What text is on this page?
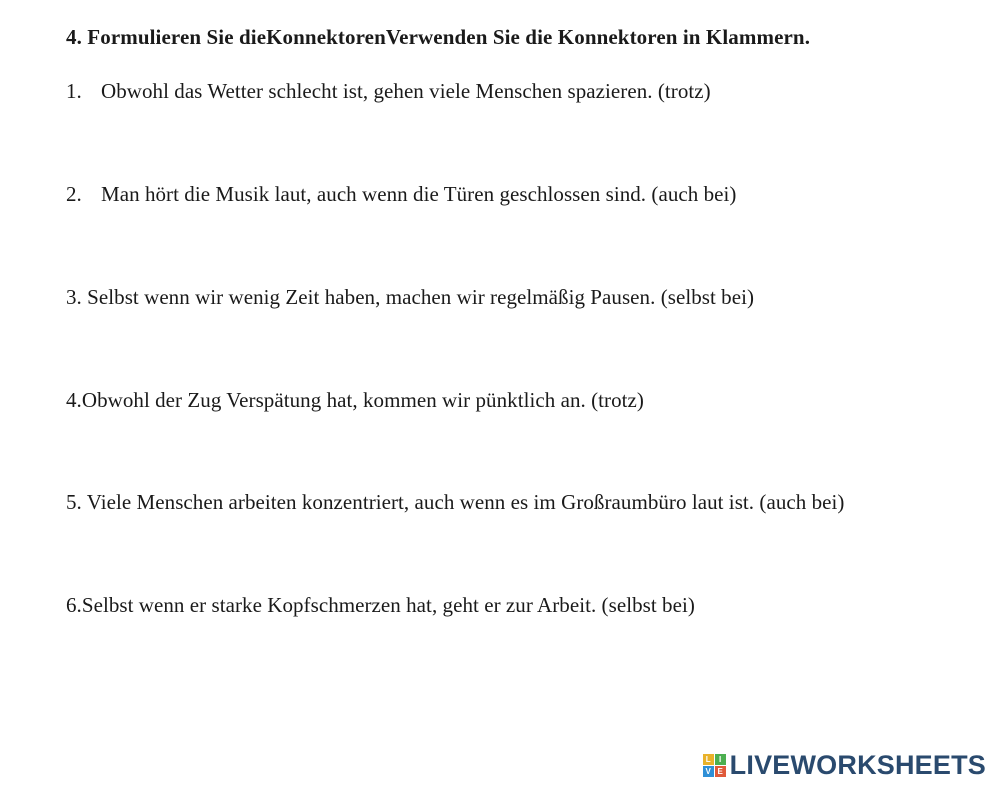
4. Formulieren Sie dieKonnektorenVerwenden Sie die Konnektoren in Klammern.
1. Obwohl das Wetter schlecht ist, gehen viele Menschen spazieren. (trotz)
2. Man hört die Musik laut, auch wenn die Türen geschlossen sind. (auch bei)
3. Selbst wenn wir wenig Zeit haben, machen wir regelmäßig Pausen. (selbst bei)
4.Obwohl der Zug Verspätung hat, kommen wir pünktlich an. (trotz)
5. Viele Menschen arbeiten konzentriert, auch wenn es im Großraumbüro laut ist. (auch bei)
6.Selbst wenn er starke Kopfschmerzen hat, geht er zur Arbeit. (selbst bei)
L	I
V E LIVEWORKSHEETS
